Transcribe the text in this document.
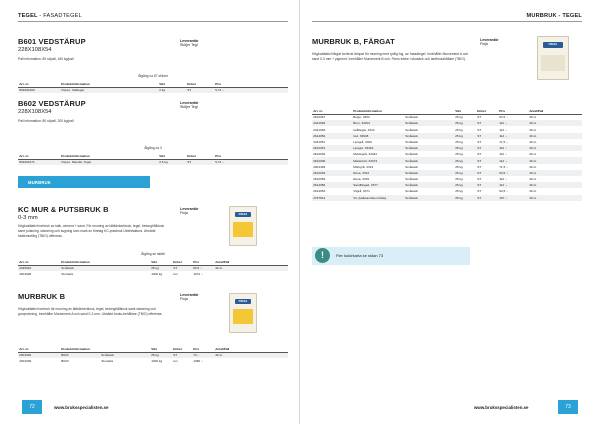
TEGEL - FASADTEGEL
B601 VEDSTÄRUP
228X108X54
Leverantör
Stöljer Tegl
Pall information: 80 st/pall, 160 kg/pall
Åtgång ca 57 st/kvm
Art. nr.	Produktinformation	Vikt	Enhet	Pris
891004469	Oxpec, Vädtegel	2 kg	ST	5,74 :-
B602 VEDSTÄRUP
228X108X54
Leverantör
Stöljer Tegl
Pall information: 80 st/pall, 200 kg/pall
Åtgång ca 3
Art. nr.	Produktinformation	Vikt	Enhet	Pris
891004471	Oxpec, Mandel, Tegel	2,5 kg	ST	5,74 :-
MURBRUK
KC MUR & PUTSBRUK B
0-3 mm
Leverantör
Finja
Högkvalitativt torrbruk av kalk, cement + sand. För murning av lättklinkerblock, tegel, betonghålblock samt putsning, slamning och sugning som mark av företag KC-putsbruk Ubetsfaktura. Utmärkt bkalkmurfärg (TBIO) offereras.
FINJA
Åtgång se tabell
Art. nr.	Produktinformation	Vikt	Enhet	Pris	Antal/Pall
2445910	Småsäck	25 kg	ST	83,5 :-	40 st.
2001928	Storsäck	1000 kg	ton	1074 :-	
MURBRUK B	Leverantör
Finja
Högkvalitativt torrbruk för murning av lättklinkerblock, tegel, betonghålblock samt slamning och grovputsning. Innehåller Murcement A och sand 0-3 mm. Utmärkt bruks-behållare (TBIO) offereras.
FINJA
Art. nr.	Produktinformation		Vikt	Enhet	Pris	Antal/Pall
2001994	B020	Småsäck	25 kg	ST	74 :-	40 st.
2001006	B020	Storsäck	1000 kg	ton	1480 :-	
72	www.bruksspecialisten.se
MURBRUK - TEGEL
MURBRUK B, FÄRGAT	Leverantör
Finja
Högkvalitativt färgat torrbruk lämpat för murning med rydlig fog, av. fasadtegel. Innehåller Murcement A och sand 0-3 mm + pigment. Innehåller Murcement B och. Finns tubbe i storsäck och lantbrukshållare (TBIO).
FINJA
Art. nr.	Produktinformation		Vikt	Enhet	Pris	Antal/Pall
2612067	Beige, 3352	Småsäck	25 kg	ST	94,5 :-	40 st.
2441992	Brun, 33201	Småsäck	25 kg	ST	112 :-	40 st.
2441993	Gråflegat, 3310	Småsäck	25 kg	ST	112 :-	40 st.
2612052	Gul, 33948	Småsäck	25 kg	ST	112 :-	40 st.
2441951	Ljusgrå, 3300	Småsäck	25 kg	ST	71,5 :-	40 st.
2612051	Ljusgul, 33462	Småsäck	25 kg	ST	112 :-	40 st.
2612002	Mellangrå, 33442	Småsäck	25 kg	ST	112 :-	40 st.
2612000	Mellanrött, 33474	Småsäck	25 kg	ST	112 :-	40 st.
2001484	Mörkgrå, 3313	Småsäck	25 kg	ST	71,5 :-	40 st.
2612049	Rosa, 3314	Småsäck	25 kg	ST	94,5 :-	40 st.
2612059	Rosa, 3319	Småsäck	25 kg	ST	112 :-	40 st.
2612056	Sandfärgad, 3377	Småsäck	25 kg	ST	112 :-	40 st.
2614954	Vitgrå, 3371	Småsäck	25 kg	ST	94,5 :-	40 st.
2787812	Vit, (kalksandsten både)	Småsäck	25 kg	ST	107 :-	40 st.
!	Fler kulörkarta se sidan 73
www.bruksspecialisten.se	73
